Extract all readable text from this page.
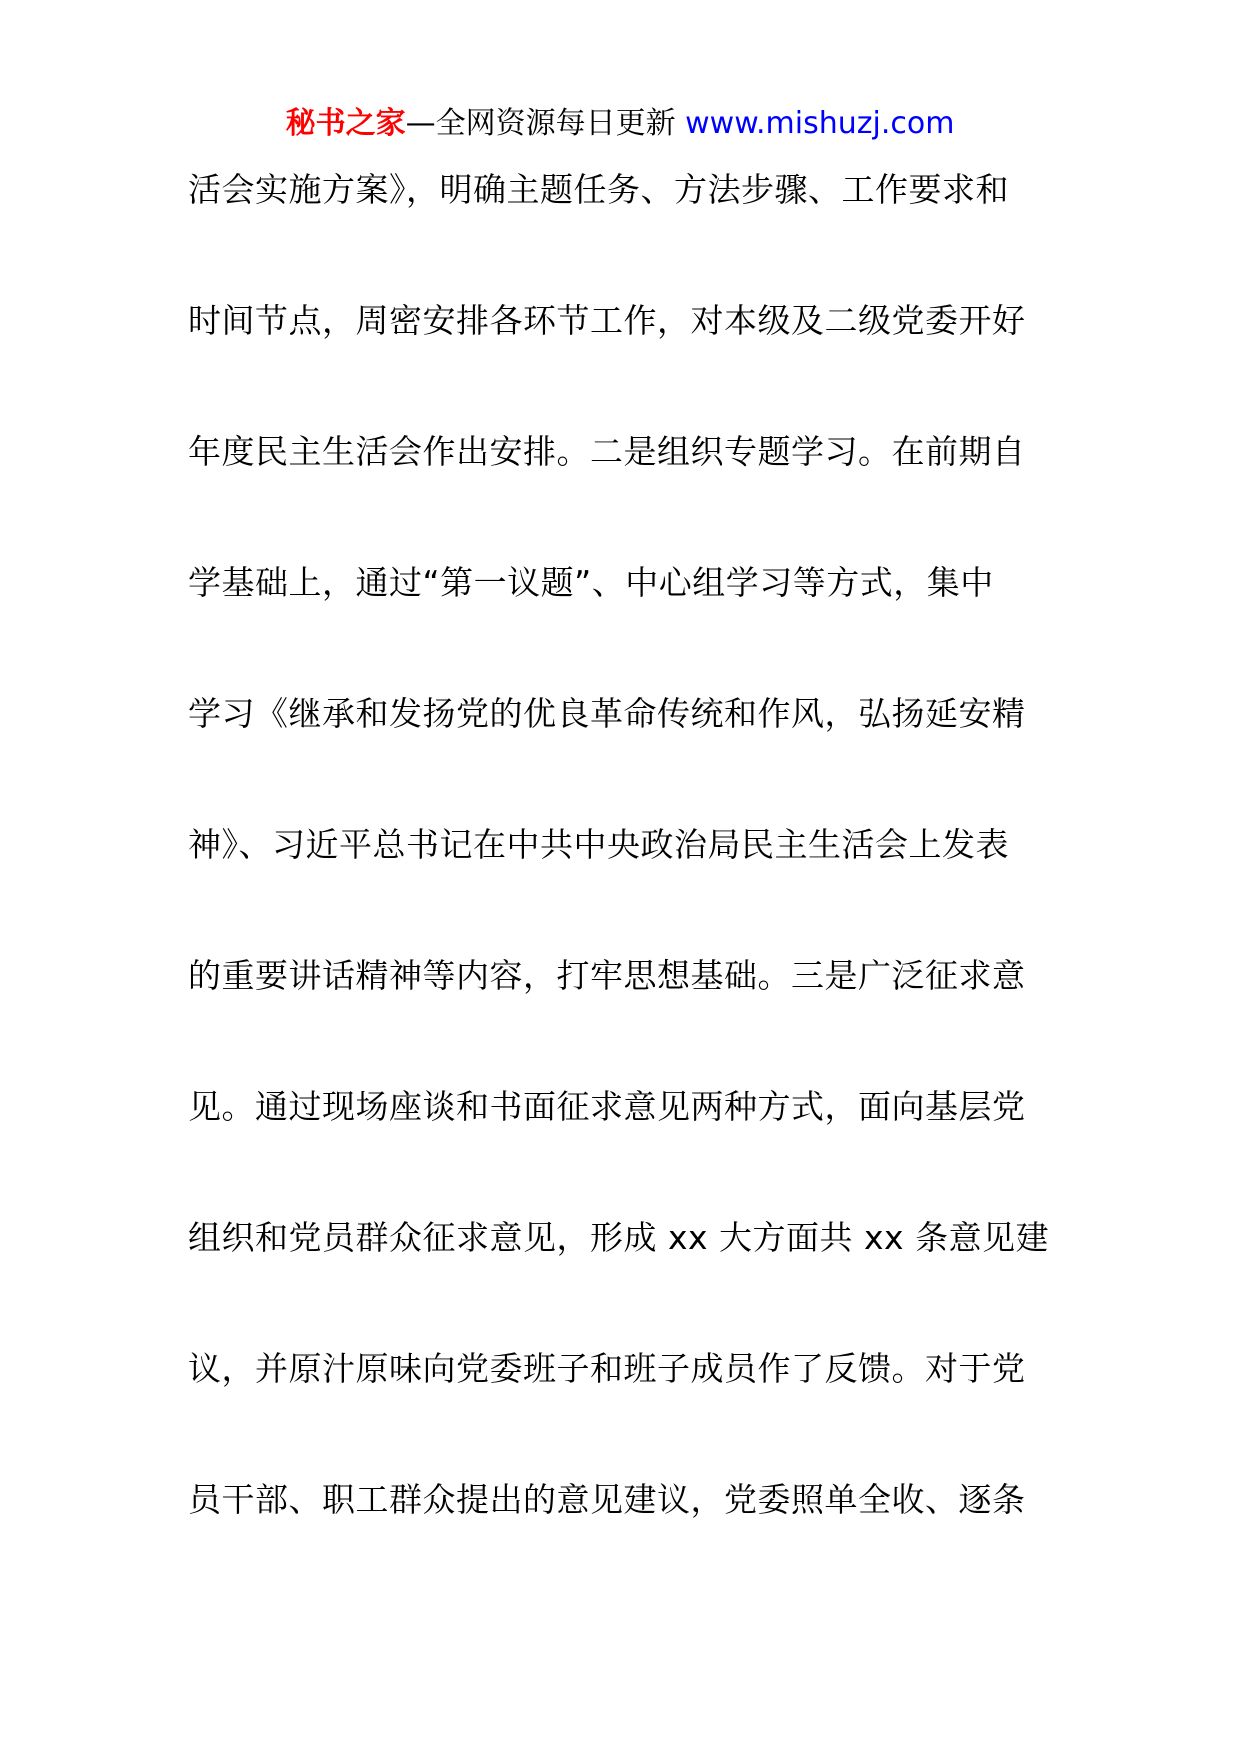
秘书之家—全网资源每日更新 www.mishuzj.com
活会实施方案》，明确主题任务、方法步骤、工作要求和
时间节点，周密安排各环节工作，对本级及二级党委开好
年度民主生活会作出安排。二是组织专题学习。在前期自
学基础上，通过“第一议题”、中心组学习等方式，集中
学习《继承和发扬党的优良革命传统和作风，弘扬延安精
神》、习近平总书记在中共中央政治局民主生活会上发表
的重要讲话精神等内容，打牢思想基础。三是广泛征求意
见。通过现场座谈和书面征求意见两种方式，面向基层党
组织和党员群众征求意见，形成 xx 大方面共 xx 条意见建
议，并原汁原味向党委班子和班子成员作了反馈。对于党
员干部、职工群众提出的意见建议，党委照单全收、逐条
